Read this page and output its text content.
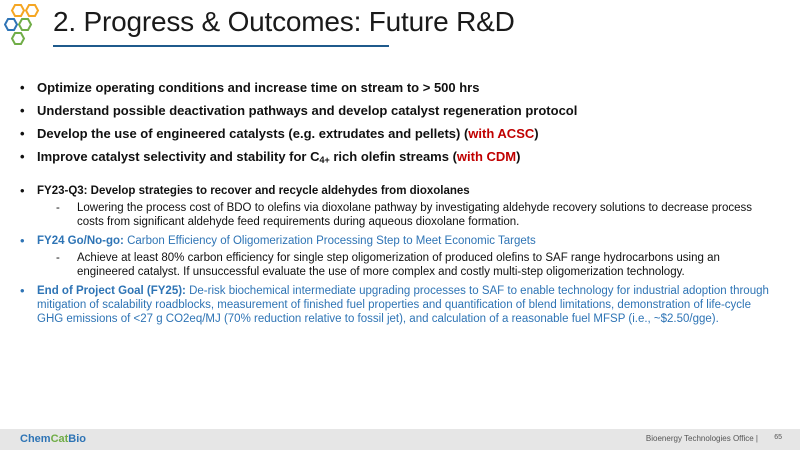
2. Progress & Outcomes: Future R&D
• Optimize operating conditions and increase time on stream to > 500 hrs
• Understand possible deactivation pathways and develop catalyst regeneration protocol
• Develop the use of engineered catalysts (e.g. extrudates and pellets) (with ACSC)
• Improve catalyst selectivity and stability for $C_{4+}$ rich olefin streams (with CDM)
• FY23-Q3: Develop strategies to recover and recycle aldehydes from dioxolanes
- Lowering the process cost of BDO to olefins via dioxolane pathway by investigating aldehyde recovery solutions to decrease process costs from significant aldehyde feed requirements during aqueous dioxolane formation.
• FY24 Go/No-go: Carbon Efficiency of Oligomerization Processing Step to Meet Economic Targets
- Achieve at least 80% carbon efficiency for single step oligomerization of produced olefins to SAF range hydrocarbons using an engineered catalyst. If unsuccessful evaluate the use of more complex and costly multi-step oligomerization technology.
• End of Project Goal (FY25): De-risk biochemical intermediate upgrading processes to SAF to enable technology for industrial adoption through mitigation of scalability roadblocks, measurement of finished fuel properties and quantification of blend limitations, demonstration of life-cycle GHG emissions of <27 g CO2eq/MJ (70% reduction relative to fossil jet), and calculation of a reasonable fuel MFSP (i.e., ~$2.50/gge).
ChemCatBio	Bioenergy Technologies Office | 65
